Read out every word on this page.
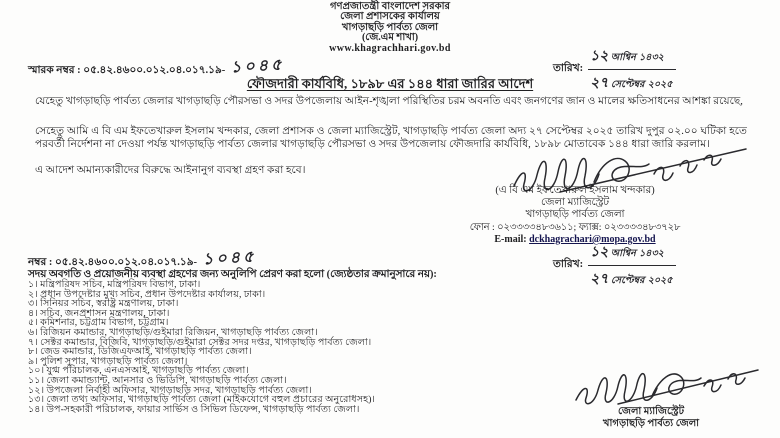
গণপ্রজাতন্ত্রী বাংলাদেশ সরকার
জেলা প্রশাসকের কার্যালয়
খাগড়াছড়ি পার্বত্য জেলা
(জে.এম শাখা)
www.khagrachhari.gov.bd
স্মারক নম্বর : ০৫.৪২.৪৬০০.০১২.০৪.০১৭.১৯- ১০৪৫	তারিখ: $\frac{\text{১২ আশ্বিন ১৪৩২}}{\text{২৭ সেপ্টেম্বর ২০২৫}}$
ফৌজদারী কার্যবিধি, ১৮৯৮ এর ১৪৪ ধারা জারির আদেশ
যেহেতু খাগড়াছড়ি পার্বত্য জেলার খাগড়াছড়ি পৌরসভা ও সদর উপজেলায় আইন-শৃঙ্খলা পরিস্থিতির চরম অবনতি এবং জনগণের জান ও মালের ক্ষতিসাধনের আশঙ্কা রয়েছে,
সেহেতু আমি এ বি এম ইফতেখারুল ইসলাম খন্দকার, জেলা প্রশাসক ও জেলা ম্যাজিস্ট্রেট, খাগড়াছড়ি পার্বত্য জেলা অদ্য ২৭ সেপ্টেম্বর ২০২৫ তারিখ দুপুর ০২.০০ ঘটিকা হতে পরবর্তী নির্দেশনা না দেওয়া পর্যন্ত খাগড়াছড়ি পার্বত্য জেলার খাগড়াছড়ি পৌরসভা ও সদর উপজেলায় ফৌজদারি কার্যবিধি, ১৮৯৮ মোতাবেক ১৪৪ ধারা জারি করলাম।
এ আদেশ অমান্যকারীদের বিরুদ্ধে আইনানুগ ব্যবস্থা গ্রহণ করা হবে।
(এ বি এম ইফতেখারুল ইসলাম খন্দকার)
জেলা ম্যাজিস্ট্রেট
খাগড়াছড়ি পার্বত্য জেলা
ফোন : ০২৩৩৩৩৪৮৩৬১১; ফ্যাক্স: ০২৩৩৩৩৪৮৩৭২৮
E-mail: dckhagrachari@mopa.gov.bd
নম্বর : ০৫.৪২.৪৬০০.০১২.০৪.০১৭.১৯- ১০৪৫	তারিখ: $\frac{\text{১২ আশ্বিন ১৪৩২}}{\text{২৭ সেপ্টেম্বর ২০২৫}}$
সদয় অবগতি ও প্রয়োজনীয় ব্যবস্থা গ্রহণের জন্য অনুলিপি প্রেরণ করা হলো (জ্যেষ্ঠতার ক্রমানুসারে নয়):
১। মন্ত্রিপরিষদ সচিব, মন্ত্রিপরিষদ বিভাগ, ঢাকা।
২। প্রধান উপদেষ্টার মুখ্য সচিব, প্রধান উপদেষ্টার কার্যালয়, ঢাকা।
৩। সিনিয়র সচিব, স্বরাষ্ট্র মন্ত্রণালয়, ঢাকা।
৪। সচিব, জনপ্রশাসন মন্ত্রণালয়, ঢাকা।
৫। কমিশনার, চট্টগ্রাম বিভাগ, চট্টগ্রাম।
৬। রিজিয়ন কমান্ডার, খাগড়াছড়ি/গুইমারা রিজিয়ন, খাগড়াছড়ি পার্বত্য জেলা।
৭। সেক্টর কমান্ডার, বিজিবি, খাগড়াছড়ি/গুইমারা সেক্টর সদর দপ্তর, খাগড়াছড়ি পার্বত্য জেলা।
৮। জেড কমান্ডার, ডিজিএফআই, খাগড়াছড়ি পার্বত্য জেলা।
৯। পুলিশ সুপার, খাগড়াছড়ি পার্বত্য জেলা।
১০। যুগ্ম পরিচালক, এনএসআই, খাগড়াছড়ি পার্বত্য জেলা।
১১। জেলা কমান্ড্যান্ট, আনসার ও ভিডিপি, খাগড়াছড়ি পার্বত্য জেলা।
১২। উপজেলা নির্বাহী অফিসার, খাগড়াছড়ি সদর, খাগড়াছড়ি পার্বত্য জেলা।
১৩। জেলা তথ্য অফিসার, খাগড়াছড়ি পার্বত্য জেলা (মাইকযোগে বহুল প্রচারের অনুরোধসহ)।
১৪। উপ-সহকারী পরিচালক, ফায়ার সার্ভিস ও সিভিল ডিফেন্স, খাগড়াছড়ি পার্বত্য জেলা।	জেলা ম্যাজিস্ট্রেট
খাগড়াছড়ি পার্বত্য জেলা
